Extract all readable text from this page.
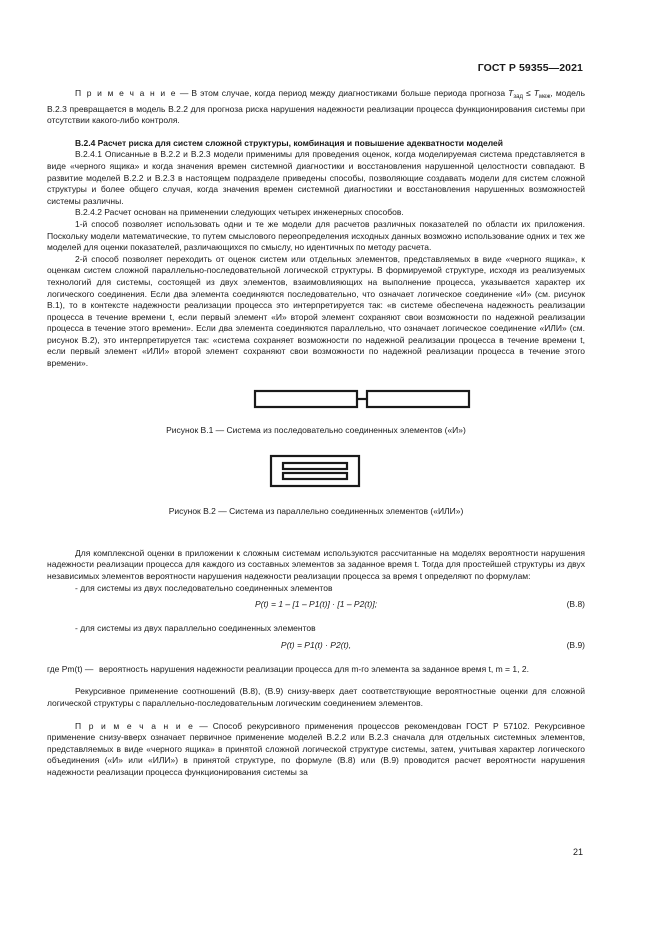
ГОСТ Р 59355—2021

П р и м е ч а н и е — В этом случае, когда период между диагностиками больше периода прогноза $T_{зад} \le T_{меж}$, модель В.2.3 превращается в модель В.2.2 для прогноза риска нарушения надежности реализации процесса функционирования системы при отсутствии какого-либо контроля.

В.2.4 Расчет риска для систем сложной структуры, комбинация и повышение адекватности моделей

В.2.4.1 Описанные в В.2.2 и В.2.3 модели применимы для проведения оценок, когда моделируемая система представляется в виде «черного ящика» и когда значения времен системной диагностики и восстановления нарушенной целостности совпадают. В развитие моделей В.2.2 и В.2.3 в настоящем подразделе приведены способы, позволяющие создавать модели для систем сложной структуры и более общего случая, когда значения времен системной диагностики и восстановления нарушенных возможностей системы различны.

В.2.4.2 Расчет основан на применении следующих четырех инженерных способов.

1-й способ позволяет использовать одни и те же модели для расчетов различных показателей по области их приложения. Поскольку модели математические, то путем смыслового переопределения исходных данных возможно использование одних и тех же моделей для оценки показателей, различающихся по смыслу, но идентичных по методу расчета.

2-й способ позволяет переходить от оценок систем или отдельных элементов, представляемых в виде «черного ящика», к оценкам систем сложной параллельно-последовательной логической структуры. В формируемой структуре, исходя из реализуемых технологий для системы, состоящей из двух элементов, взаимовлияющих на выполнение процесса, указывается характер их логического соединения. Если два элемента соединяются последовательно, что означает логическое соединение «И» (см. рисунок В.1), то в контексте надежности реализации процесса это интерпретируется так: «в системе обеспечена надежность реализации процесса в течение времени t, если первый элемент «И» второй элемент сохраняют свои возможности по надежной реализации процесса в течение этого времени». Если два элемента соединяются параллельно, что означает логическое соединение «ИЛИ» (см. рисунок В.2), это интерпретируется так: «система сохраняет возможности по надежной реализации процесса в течение времени t, если первый элемент «ИЛИ» второй элемент сохраняют свои возможности по надежной реализации процесса в течение этого времени».

Рисунок В.1 — Система из последовательно соединенных элементов («И»)

Рисунок В.2 — Система из параллельно соединенных элементов («ИЛИ»)

Для комплексной оценки в приложении к сложным системам используются рассчитанные на моделях вероятности нарушения надежности реализации процесса для каждого из составных элементов за заданное время t. Тогда для простейшей структуры из двух независимых элементов вероятности нарушения надежности реализации процесса за время t определяют по формулам:

- для системы из двух последовательно соединенных элементов

P(t) = 1 – [1 – P1(t)] · [1 – P2(t)];	(В.8)

- для системы из двух параллельно соединенных элементов

P(t) = P1(t) · P2(t),	(В.9)
где Pm(t) — вероятность нарушения надежности реализации процесса для m-го элемента за заданное время t, m = 1, 2.

Рекурсивное применение соотношений (В.8), (В.9) снизу-вверх дает соответствующие вероятностные оценки для сложной логической структуры с параллельно-последовательным логическим соединением элементов.

П р и м е ч а н и е — Способ рекурсивного применения процессов рекомендован ГОСТ Р 57102. Рекурсивное применение снизу-вверх означает первичное применение моделей В.2.2 или В.2.3 сначала для отдельных системных элементов, представляемых в виде «черного ящика» в принятой сложной логической структуре системы, затем, учитывая характер логического объединения («И» или «ИЛИ») в принятой структуре, по формуле (В.8) или (В.9) проводится расчет вероятности нарушения надежности реализации процесса функционирования системы за

21
